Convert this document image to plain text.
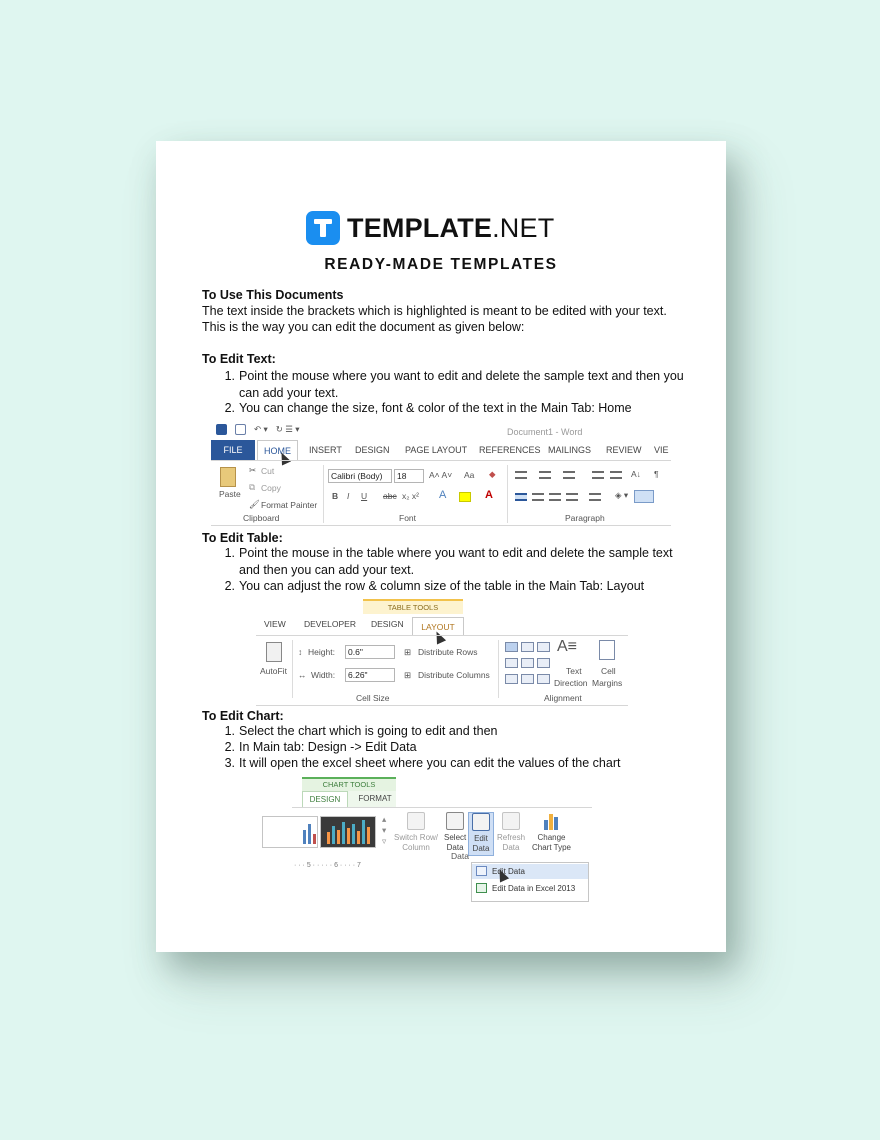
TEMPLATE.NET
READY-MADE TEMPLATES
To Use This Documents
The text inside the brackets which is highlighted is meant to be edited with your text.
This is the way you can edit the document as given below:
To Edit Text:
1. Point the mouse where you want to edit and delete the sample text and then you can add your text.
2. You can change the size, font & color of the text in the Main Tab: Home
↶ ▾ ↻ ☰ ▾	Document1 - Word
FILE	HOME	INSERT	DESIGN	PAGE LAYOUT	REFERENCES MAILINGS	REVIEW	VIE
Paste
✂ Cut
⧉ Copy
🖌 Format Painter
Clipboard
Calibri (Body)	18	A˄ A˅ Aa ◆
B I U abc x₂ x² A	A
Font
A↓ ¶
◈ ▾
Paragraph
To Edit Table:
1. Point the mouse in the table where you want to edit and delete the sample text and then you can add your text.
2. You can adjust the row & column size of the table in the Main Tab: Layout
TABLE TOOLS
VIEW DEVELOPER DESIGN	LAYOUT
AutoFit
↕ Height:	0.6"
↔ Width:	6.26"
⊞ Distribute Rows
⊞ Distribute Columns
Cell Size
A≡
Text
Direction
Cell
Margins
Alignment
To Edit Chart:
1. Select the chart which is going to edit and then
2. In Main tab: Design -> Edit Data
3. It will open the excel sheet where you can edit the values of the chart
CHART TOOLS
DESIGN	FORMAT
▴
▾
▿ Switch Row/
Column
Select
Data
Edit
Data
Refresh
Data
Change
Chart Type
Data
· · · 5 · · · · · 6 · · · · 7
Edit Data
Edit Data in Excel 2013
